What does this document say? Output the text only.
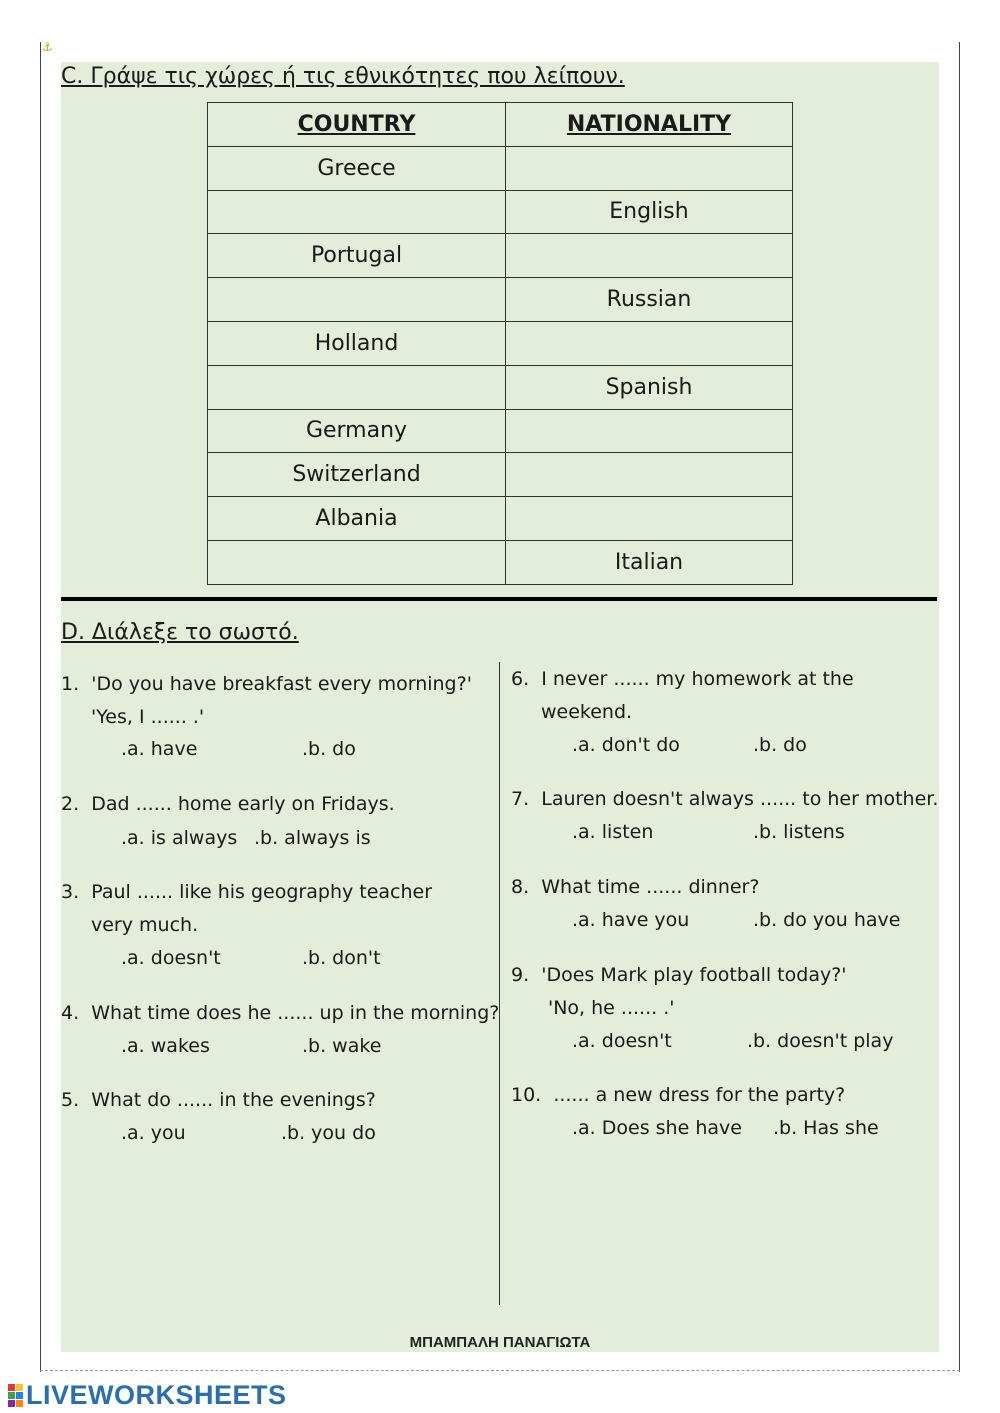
⚓
C. Γράψε τις χώρες ή τις εθνικότητες που λείπουν.
COUNTRY	NATIONALITY
Greece	
	English
Portugal	
	Russian
Holland	
	Spanish
Germany	
Switzerland	
Albania	
	Italian
D. Διάλεξε το σωστό.
1. 'Do you have breakfast every morning?'
'Yes, I ...... .'
.a. have	.b. do
2. Dad ...... home early on Fridays.
.a. is always .b. always is
3. Paul ...... like his geography teacher
very much.
.a. doesn't	.b. don't
4. What time does he ...... up in the morning?
.a. wakes	.b. wake
5. What do ...... in the evenings?
.a. you	.b. you do
6. I never ...... my homework at the
weekend.
.a. don't do	.b. do
7. Lauren doesn't always ...... to her mother.
.a. listen	.b. listens
8. What time ...... dinner?
.a. have you	.b. do you have
9. 'Does Mark play football today?'
'No, he ...... .'
.a. doesn't	.b. doesn't play
10. ...... a new dress for the party?
.a. Does she have .b. Has she
ΜΠΑΜΠΑΛΗ ΠΑΝΑΓΙΩΤΑ
LIVEWORKSHEETS
